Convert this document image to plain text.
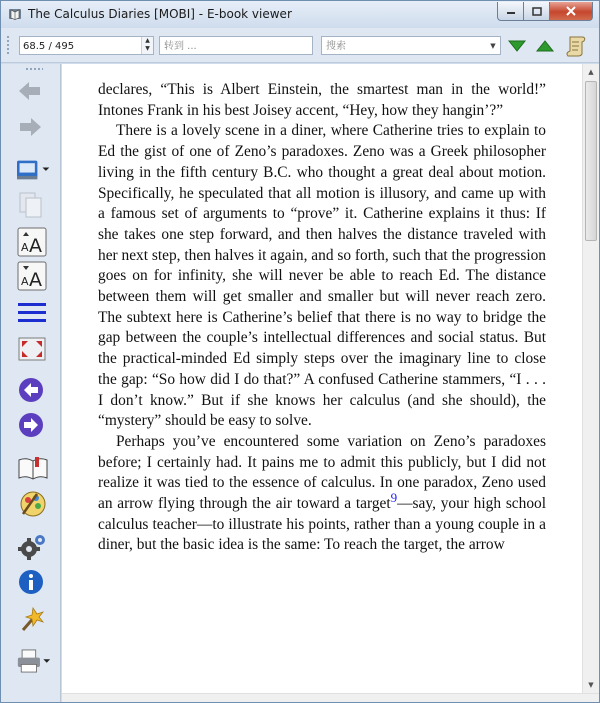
The Calculus Diaries [MOBI] - E-book viewer
68.5 / 495
▲
▼
转到 ...
搜索	▼
A A
A A

declares, “This is Albert Einstein, the smartest man in the world!” Intones Frank in his best Joisey accent, “Hey, how they hangin’?”

There is a lovely scene in a diner, where Catherine tries to explain to Ed the gist of one of Zeno’s paradoxes. Zeno was a Greek philosopher living in the fifth century B.C. who thought a great deal about motion. Specifically, he speculated that all motion is illusory, and came up with a famous set of arguments to “prove” it. Catherine explains it thus: If she takes one step forward, and then halves the distance traveled with her next step, then halves it again, and so forth, such that the progression goes on for infinity, she will never be able to reach Ed. The distance between them will get smaller and smaller but will never reach zero. The subtext here is Catherine’s belief that there is no way to bridge the gap between the couple’s intellectual differences and social status. But the practical-minded Ed simply steps over the imaginary line to close the gap: “So how did I do that?” A confused Catherine stammers, “I . . . I don’t know.” But if she knows her calculus (and she should), the “mystery” should be easy to solve.

Perhaps you’ve encountered some variation on Zeno’s paradoxes before; I certainly had. It pains me to admit this publicly, but I did not realize it was tied to the essence of calculus. In one paradox, Zeno used an arrow flying through the air toward a target$^9$—say, your high school calculus teacher—to illustrate his points, rather than a young couple in a diner, but the basic idea is the same: To reach the target, the arrow

▲
▼
